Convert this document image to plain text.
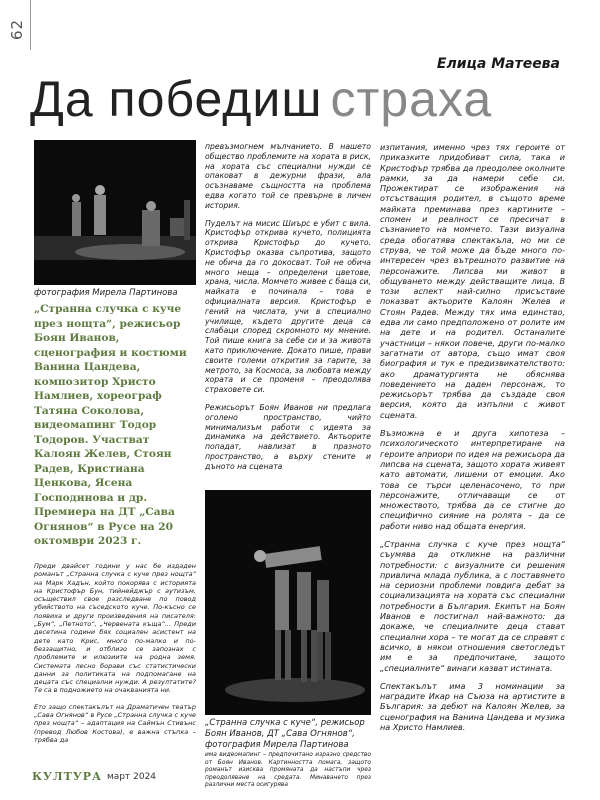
62
Елица Матеева
Да победиш страха
фотография Мирела Партинова
„Странна случка с куче през нощта“, режисьор Боян Иванов, сценография и костюми Ванина Цандева, композитор Христо Намлиев, хореограф Татяна Соколова, видеомапинг Тодор Тодоров. Участват Калоян Желев, Стоян Радев, Кристиана Ценкова, Ясена Господинова и др. Премиера на ДТ „Сава Огнянов“ в Русе на 20 октомври 2023 г.

Преди двайсет години у нас бе издаден романът „Странна случка с куче през нощта“ на Марк Хадън, който покорява с историята на Кристофър Бун, тийнейджър с аутизъм, осъществил свое разследване по повод убийството на съседското куче. По-късно се появиха и други произведения на писателя: „Бум“, „Петното“, „Червената къща“... Преди десетина години бях социален асистент на дете като Крис, много по-малко и по-беззащитно, и отблизо се запознах с проблемите и илюзиите на родна земя. Системата лесно борави със статистически данни за политиката на подпомагане на децата със специални нужди. А резултатите? Те са в подножието на очакванията ни.

Ето защо спектакълът на Драматичен театър „Сава Огнянов“ в Русе „Странна случка с куче през нощта“ – адаптация на Саймън Стивънс (превод Любов Костова), е важна стъпка – трябва да

превъзмогнем мълчанието. В нашето общество проблемите на хората в риск, на хората със специални нужди се опаковат в дежурни фрази, ала осъзнаваме същността на проблема едва когато той се превърне в личен история.

Пуделът на мисис Шиърс е убит с вила. Кристофър открива кучето, полицията открива Кристофър до кучето. Кристофър оказва съпротива, защото не обича да го докосват. Той не обича много неща – определени цветове, храна, числа. Момчето живее с баща си, майката е починала – това е официалната версия. Кристофър е гений на числата, учи в специално училище, където другите деца са слабаци според скромното му мнение. Той пише книга за себе си и за живота като приключение. Докато пише, прави своите големи открития за гарите, за метрото, за Космоса, за любовта между хората и се променя – преодолява страховете си.

Режисьорът Боян Иванов ни предлага оголено пространство, чийто минимализъм работи с идеята за динамика на действието. Актьорите попадат, навлизат в празното пространство, а върху стените и дъното на сцената

„Странна случка с куче“, режисьор Боян Иванов, ДТ „Сава Огнянов“, фотография Мирела Партинова

има видеомапинг – предпочитано изразно средство от Боян Иванов. Картинността помага, защото романът изисква промяната да настъпи чрез преодоляване на средата. Минаването през различни места осигурява

изпитания, именно чрез тях героите от приказките придобиват сила, така и Кристофър трябва да преодолее околните рамки, за да намери себе си. Прожектират се изображения на отсъстващия родител, в същото време майката преминава през картините – спомен и реалност се пресичат в съзнанието на момчето. Тази визуална среда обогатява спектакъла, но ми се струва, че той може да бъде много по-интересен чрез вътрешното развитие на персонажите. Липсва ми живот в общуването между действащите лица. В този аспект най-силно присъствие показват актьорите Калоян Желев и Стоян Радев. Между тях има единство, едва ли само предположено от ролите им на дете и на родител. Останалите участници – някои повече, други по-малко загатнати от автора, също имат своя биография и тук е предизвикателството: ако драматургията не обяснява поведението на даден персонаж, то режисьорът трябва да създаде своя версия, която да изпълни с живот сцената.

Възможна е и друга хипотеза – психологическото интерпретиране на героите априори по идея на режисьора да липсва на сцената, защото хората живеят като автомати, лишени от емоции. Ако това се търси целенасочено, то при персонажите, отличаващи се от множеството, трябва да се стигне до специфично сияние на ролята – да се работи ниво над общата енергия.

„Странна случка с куче през нощта“ съумява да откликне на различни потребности: с визуалните си решения привлича млада публика, а с поставянето на сериозни проблеми повдига дебат за социализацията на хората със специални потребности в България. Екипът на Боян Иванов е постигнал най-важното: да докаже, че специалните деца стават специални хора – те могат да се справят с всичко, в някои отношения светогледът им е за предпочитане, защото „специалните“ винаги казват истината.

Спектакълът има 3 номинации за наградите Икар на Съюза на артистите в България: за дебют на Калоян Желев, за сценография на Ванина Цандева и музика на Христо Намлиев.

КУЛТУРА март 2024
